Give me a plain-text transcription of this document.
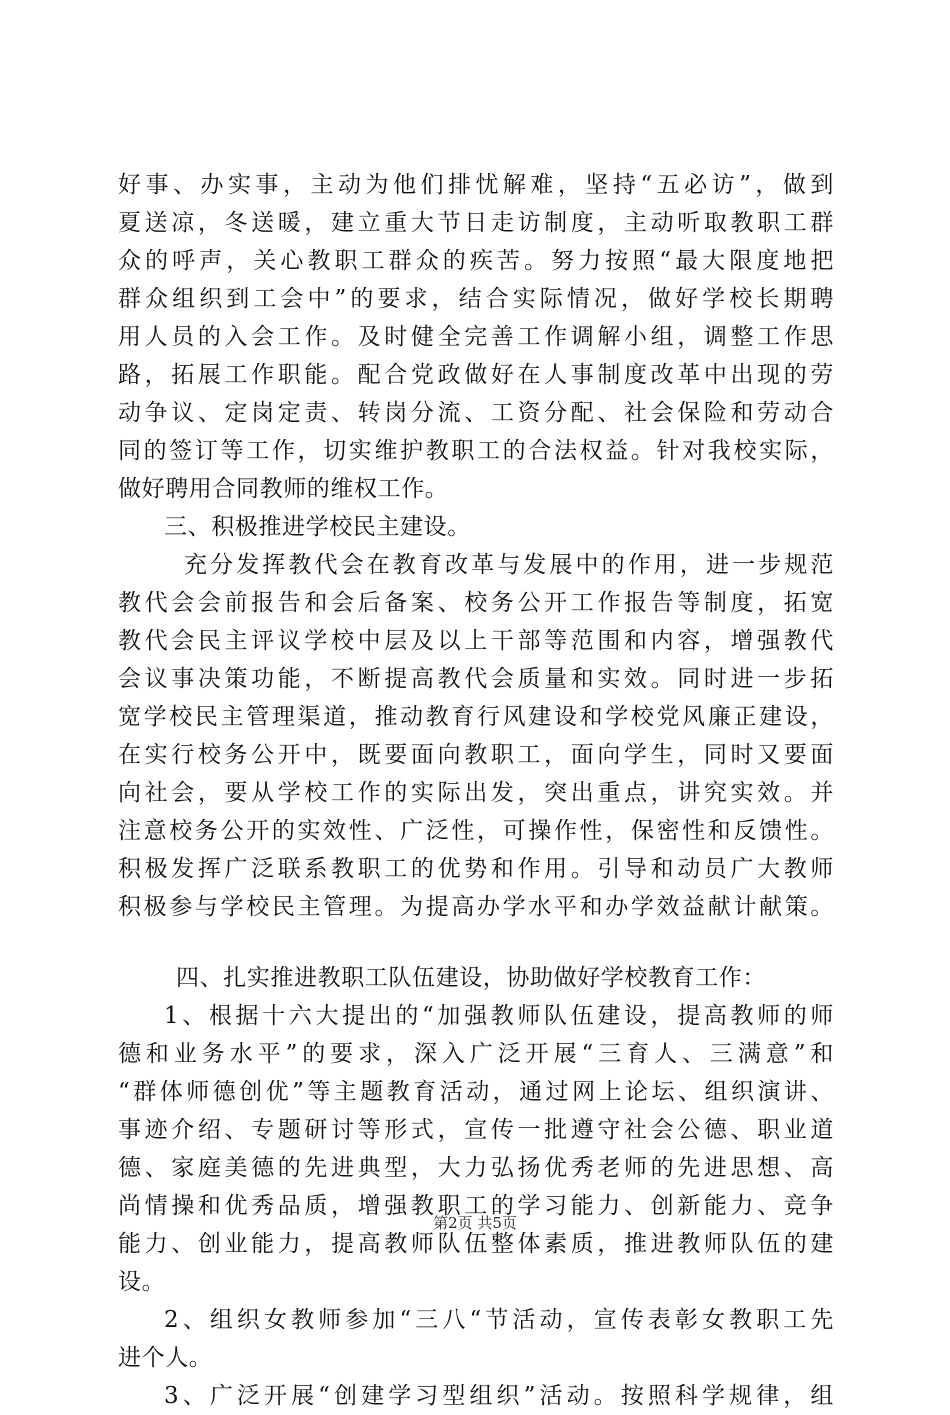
好事、办实事，主动为他们排忧解难，坚持“五必访”，做到
夏送凉，冬送暖，建立重大节日走访制度，主动听取教职工群
众的呼声，关心教职工群众的疾苦。努力按照“最大限度地把
群众组织到工会中”的要求，结合实际情况，做好学校长期聘
用人员的入会工作。及时健全完善工作调解小组，调整工作思
路，拓展工作职能。配合党政做好在人事制度改革中出现的劳
动争议、定岗定责、转岗分流、工资分配、社会保险和劳动合
同的签订等工作，切实维护教职工的合法权益。针对我校实际，
做好聘用合同教师的维权工作。
三、积极推进学校民主建设。
充分发挥教代会在教育改革与发展中的作用，进一步规范
教代会会前报告和会后备案、校务公开工作报告等制度，拓宽
教代会民主评议学校中层及以上干部等范围和内容，增强教代
会议事决策功能，不断提高教代会质量和实效。同时进一步拓
宽学校民主管理渠道，推动教育行风建设和学校党风廉正建设，
在实行校务公开中，既要面向教职工，面向学生，同时又要面
向社会，要从学校工作的实际出发，突出重点，讲究实效。并
注意校务公开的实效性、广泛性，可操作性，保密性和反馈性。
积极发挥广泛联系教职工的优势和作用。引导和动员广大教师
积极参与学校民主管理。为提高办学水平和办学效益献计献策。
四、扎实推进教职工队伍建设，协助做好学校教育工作：
1、根据十六大提出的“加强教师队伍建设，提高教师的师
德和业务水平”的要求，深入广泛开展“三育人、三满意”和
“群体师德创优”等主题教育活动，通过网上论坛、组织演讲、
事迹介绍、专题研讨等形式，宣传一批遵守社会公德、职业道
德、家庭美德的先进典型，大力弘扬优秀老师的先进思想、高
尚情操和优秀品质，增强教职工的学习能力、创新能力、竞争
能力、创业能力，提高教师队伍整体素质，推进教师队伍的建
设。
2、组织女教师参加“三八“节活动，宣传表彰女教职工先
进个人。
3、广泛开展“创建学习型组织”活动。按照科学规律，组
第2页 共5页
